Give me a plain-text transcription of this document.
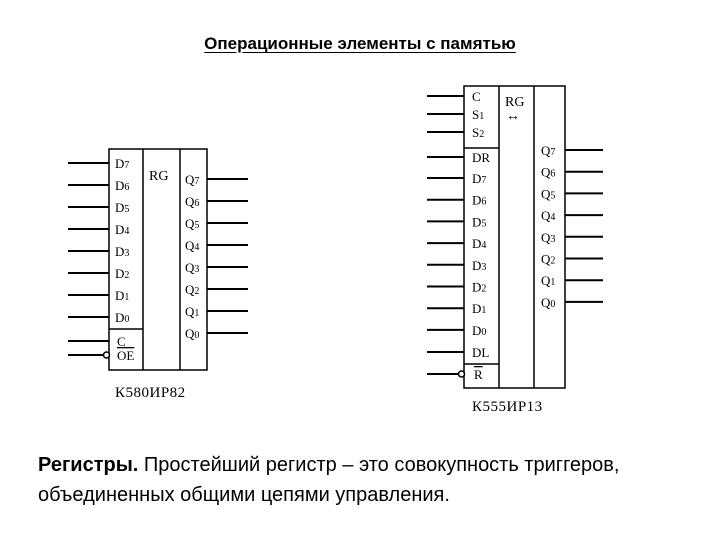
Операционные элементы с памятью
RG
К580ИР82
D7
D6
D5
D4
D3
D2
D1
D0
Q7
Q6
Q5
Q4
Q3
Q2
Q1
Q0
C
OE
RG
↔
К555ИР13
C
S1
S2
DR
D7
D6
D5
D4
D3
D2
D1
D0
DL
R
Q7
Q6
Q5
Q4
Q3
Q2
Q1
Q0
Регистры. Простейший регистр – это совокупность триггеров, объединенных общими цепями управления.
